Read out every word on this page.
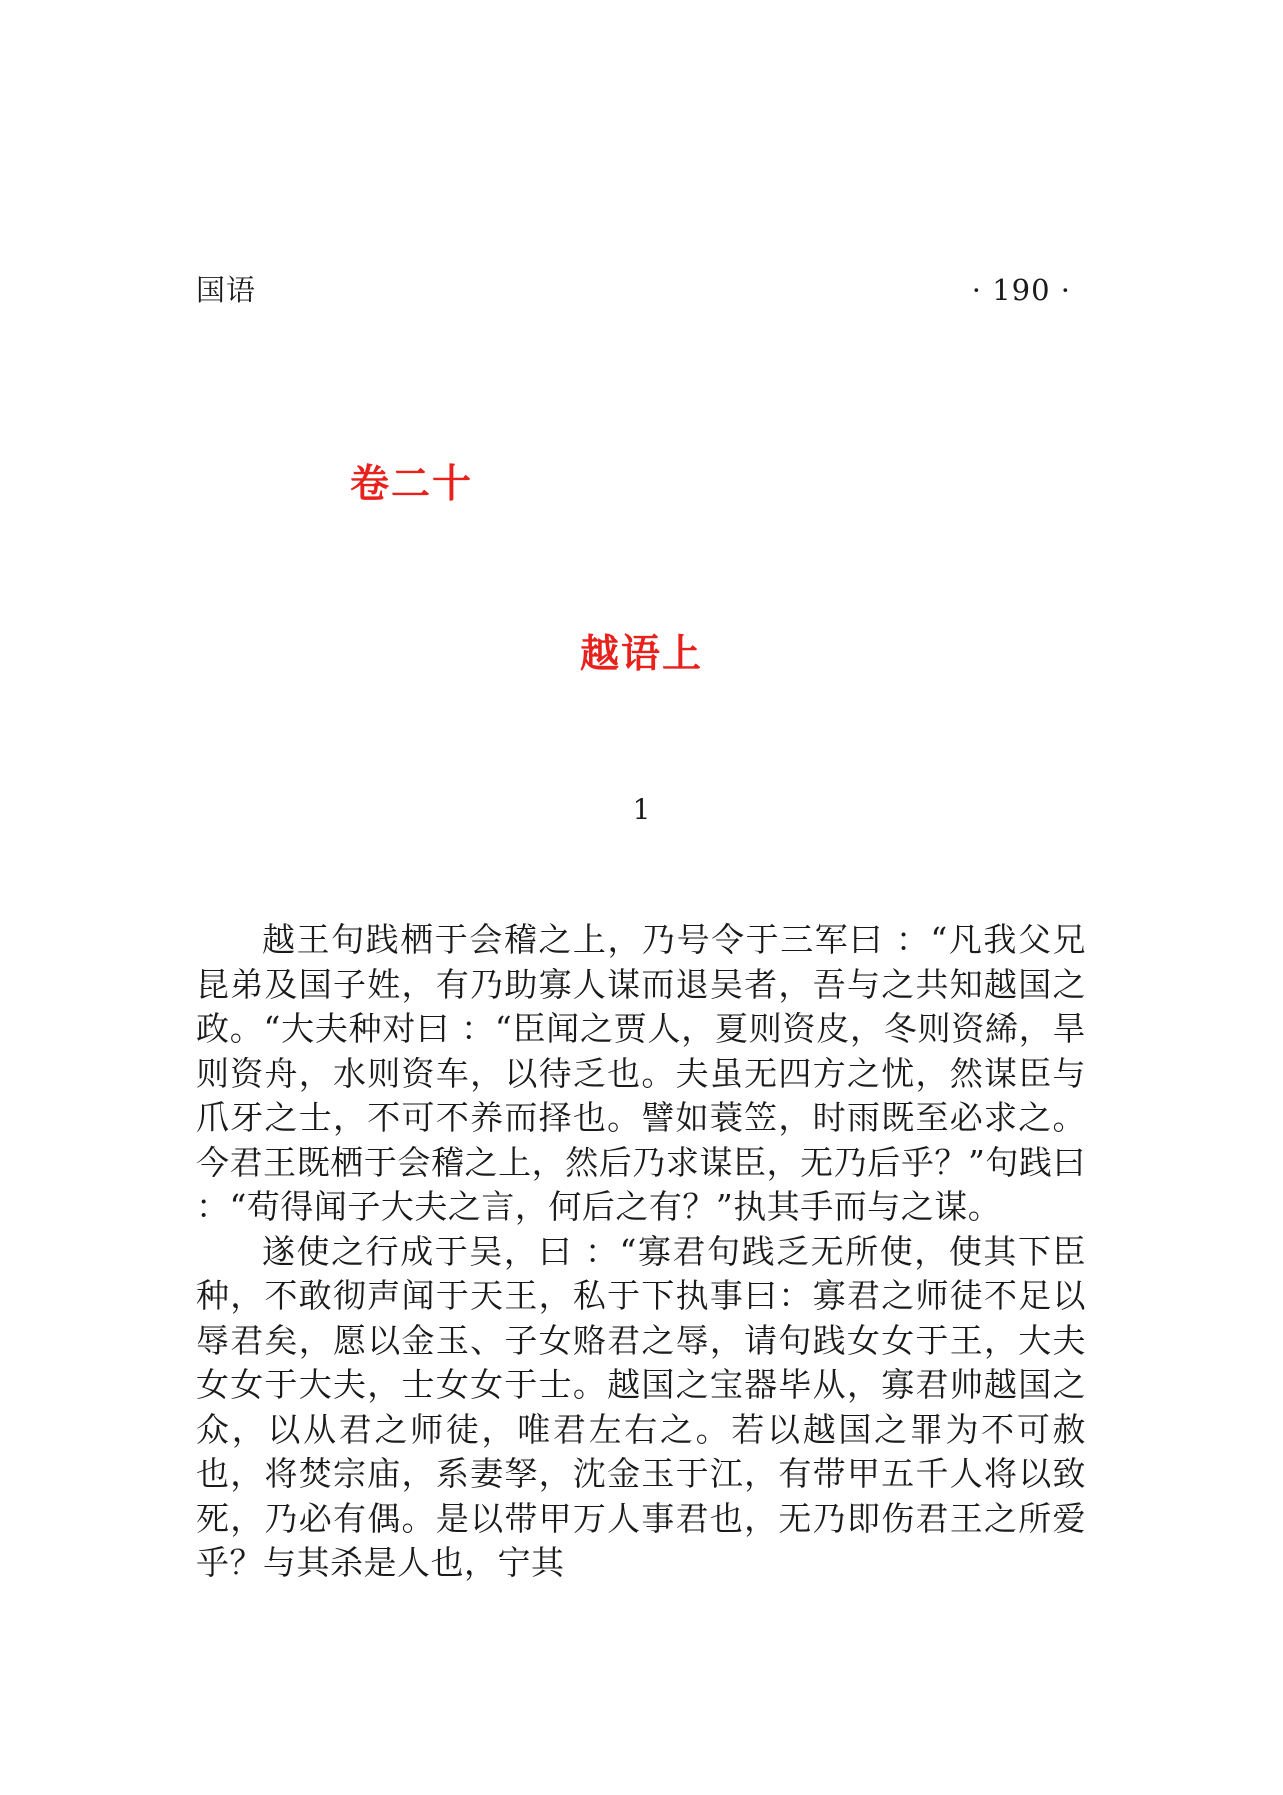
国语	· 190 ·
卷二十
越语上
1

越王句践栖于会稽之上，乃号令于三军曰 ：“凡我父兄昆弟及国子姓，有乃助寡人谋而退吴者，吾与之共知越国之政。“大夫种对曰 ：“臣闻之贾人，夏则资皮，冬则资絺，旱则资舟，水则资车，以待乏也。夫虽无四方之忧，然谋臣与爪牙之士，不可不养而择也。譬如蓑笠，时雨既至必求之。今君王既栖于会稽之上，然后乃求谋臣，无乃后乎？”句践曰 ：“苟得闻子大夫之言，何后之有？”执其手而与之谋。

遂使之行成于吴，曰 ：“寡君句践乏无所使，使其下臣种，不敢彻声闻于天王，私于下执事曰：寡君之师徒不足以辱君矣，愿以金玉、子女赂君之辱，请句践女女于王，大夫女女于大夫，士女女于士。越国之宝器毕从，寡君帅越国之众，以从君之师徒，唯君左右之。若以越国之罪为不可赦也，将焚宗庙，系妻孥，沈金玉于江，有带甲五千人将以致死，乃必有偶。是以带甲万人事君也，无乃即伤君王之所爱乎？与其杀是人也，宁其
